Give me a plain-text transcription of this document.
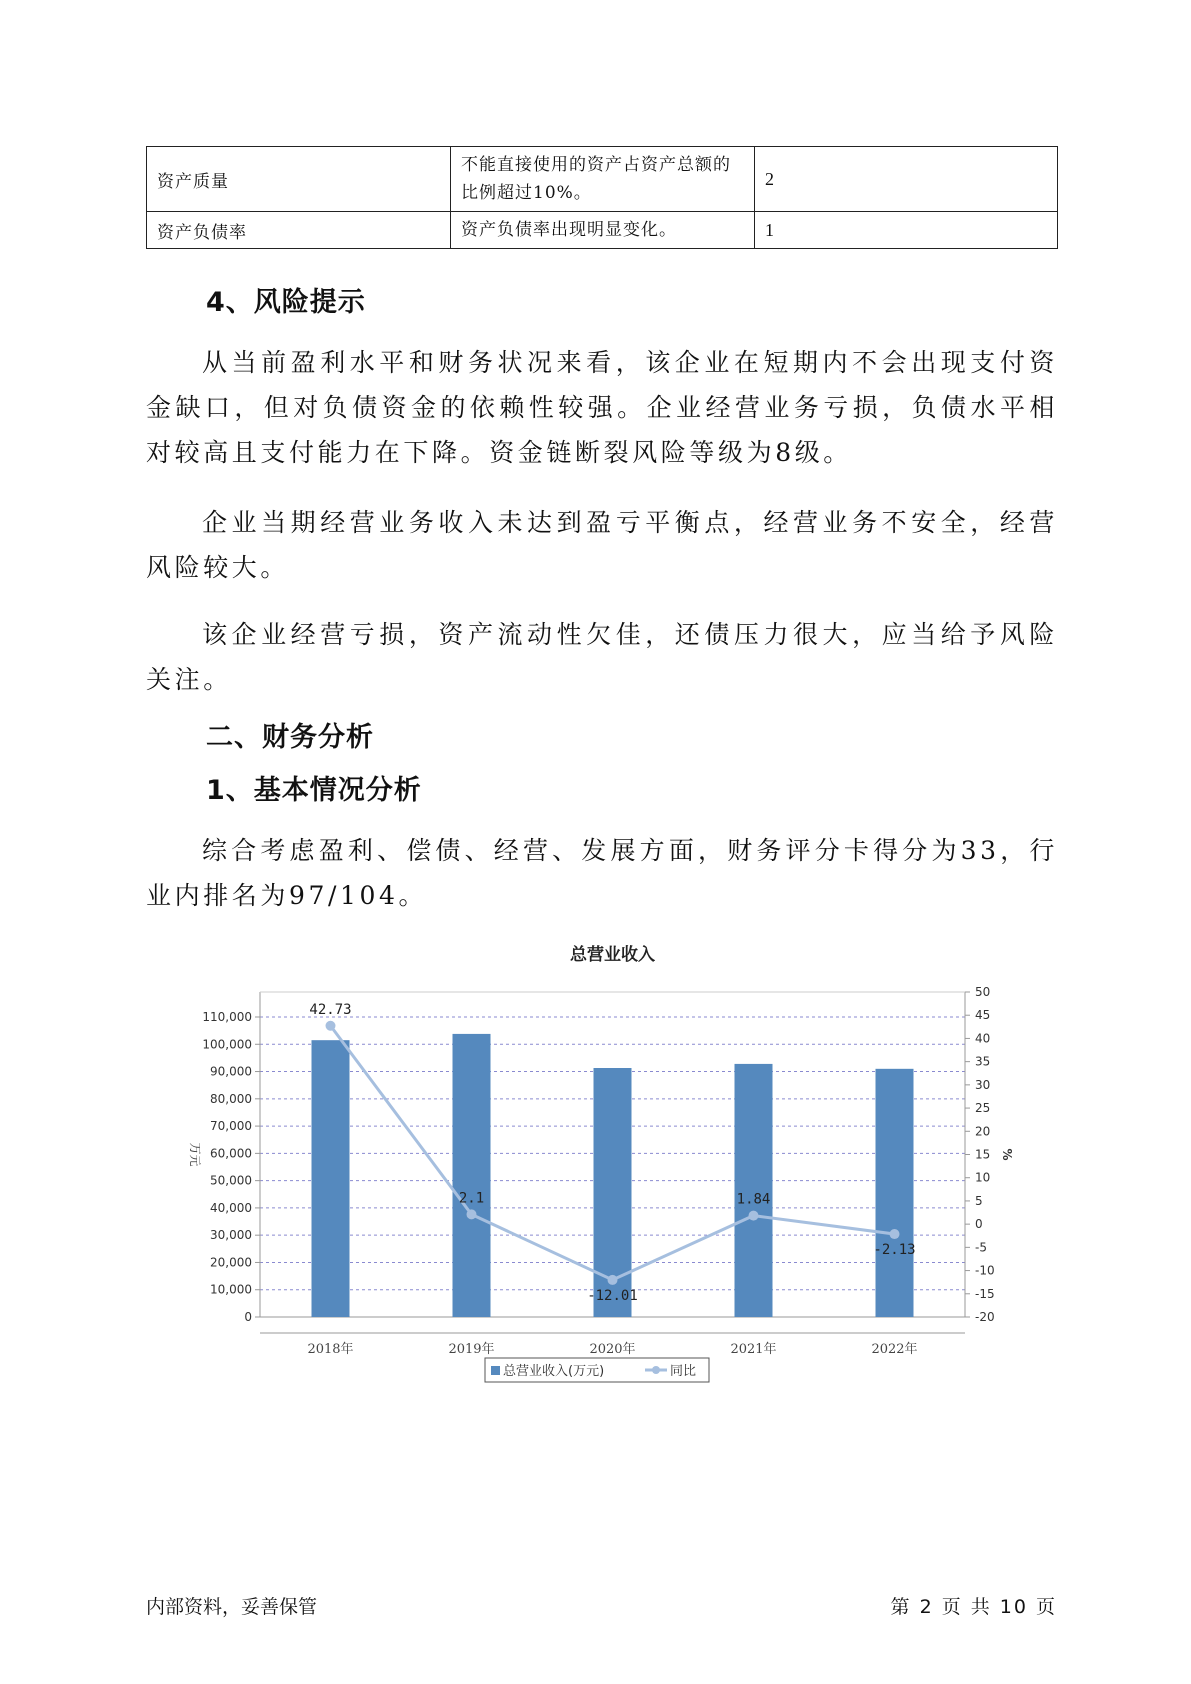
资产质量	不能直接使用的资产占资产总额的比例超过10%。	2
资产负债率	资产负债率出现明显变化。	1
4、风险提示

从当前盈利水平和财务状况来看，该企业在短期内不会出现支付资金缺口，但对负债资金的依赖性较强。企业经营业务亏损，负债水平相对较高且支付能力在下降。资金链断裂风险等级为8级。

企业当期经营业务收入未达到盈亏平衡点，经营业务不安全，经营风险较大。

该企业经营亏损，资产流动性欠佳，还债压力很大，应当给予风险关注。

二、财务分析
1、基本情况分析

综合考虑盈利、偿债、经营、发展方面，财务评分卡得分为33，行业内排名为97/104。

总营业收入
0
10,000
20,000
30,000
40,000
50,000
60,000
70,000
80,000
90,000
100,000
110,000
-20
-15
-10
-5
0
5
10
15
20
25
30
35
40
45
50
万元	%
2018年	2019年	2020年	2021年	2022年
42.73
2.1
-12.01
1.84
-2.13
总营业收入(万元)	同比
内部资料，妥善保管	第 2 页 共 10 页
